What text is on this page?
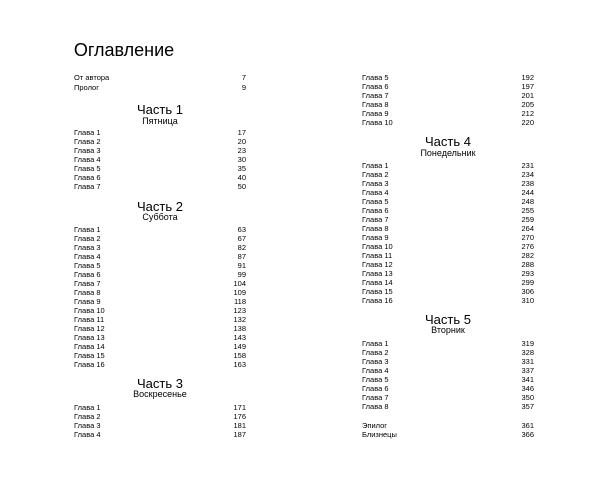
Оглавление
От автора	7
Пролог	9
Часть 1
Пятница
Глава 1	17
Глава 2	20
Глава 3	23
Глава 4	30
Глава 5	35
Глава 6	40
Глава 7	50
Часть 2
Суббота
Глава 1	63
Глава 2	67
Глава 3	82
Глава 4	87
Глава 5	91
Глава 6	99
Глава 7	104
Глава 8	109
Глава 9	118
Глава 10	123
Глава 11	132
Глава 12	138
Глава 13	143
Глава 14	149
Глава 15	158
Глава 16	163
Часть 3
Воскресенье
Глава 1	171
Глава 2	176
Глава 3	181
Глава 4	187
Глава 5	192
Глава 6	197
Глава 7	201
Глава 8	205
Глава 9	212
Глава 10	220
Часть 4
Понедельник
Глава 1	231
Глава 2	234
Глава 3	238
Глава 4	244
Глава 5	248
Глава 6	255
Глава 7	259
Глава 8	264
Глава 9	270
Глава 10	276
Глава 11	282
Глава 12	288
Глава 13	293
Глава 14	299
Глава 15	306
Глава 16	310
Часть 5
Вторник
Глава 1	319
Глава 2	328
Глава 3	331
Глава 4	337
Глава 5	341
Глава 6	346
Глава 7	350
Глава 8	357
Эпилог	361
Близнецы	366
